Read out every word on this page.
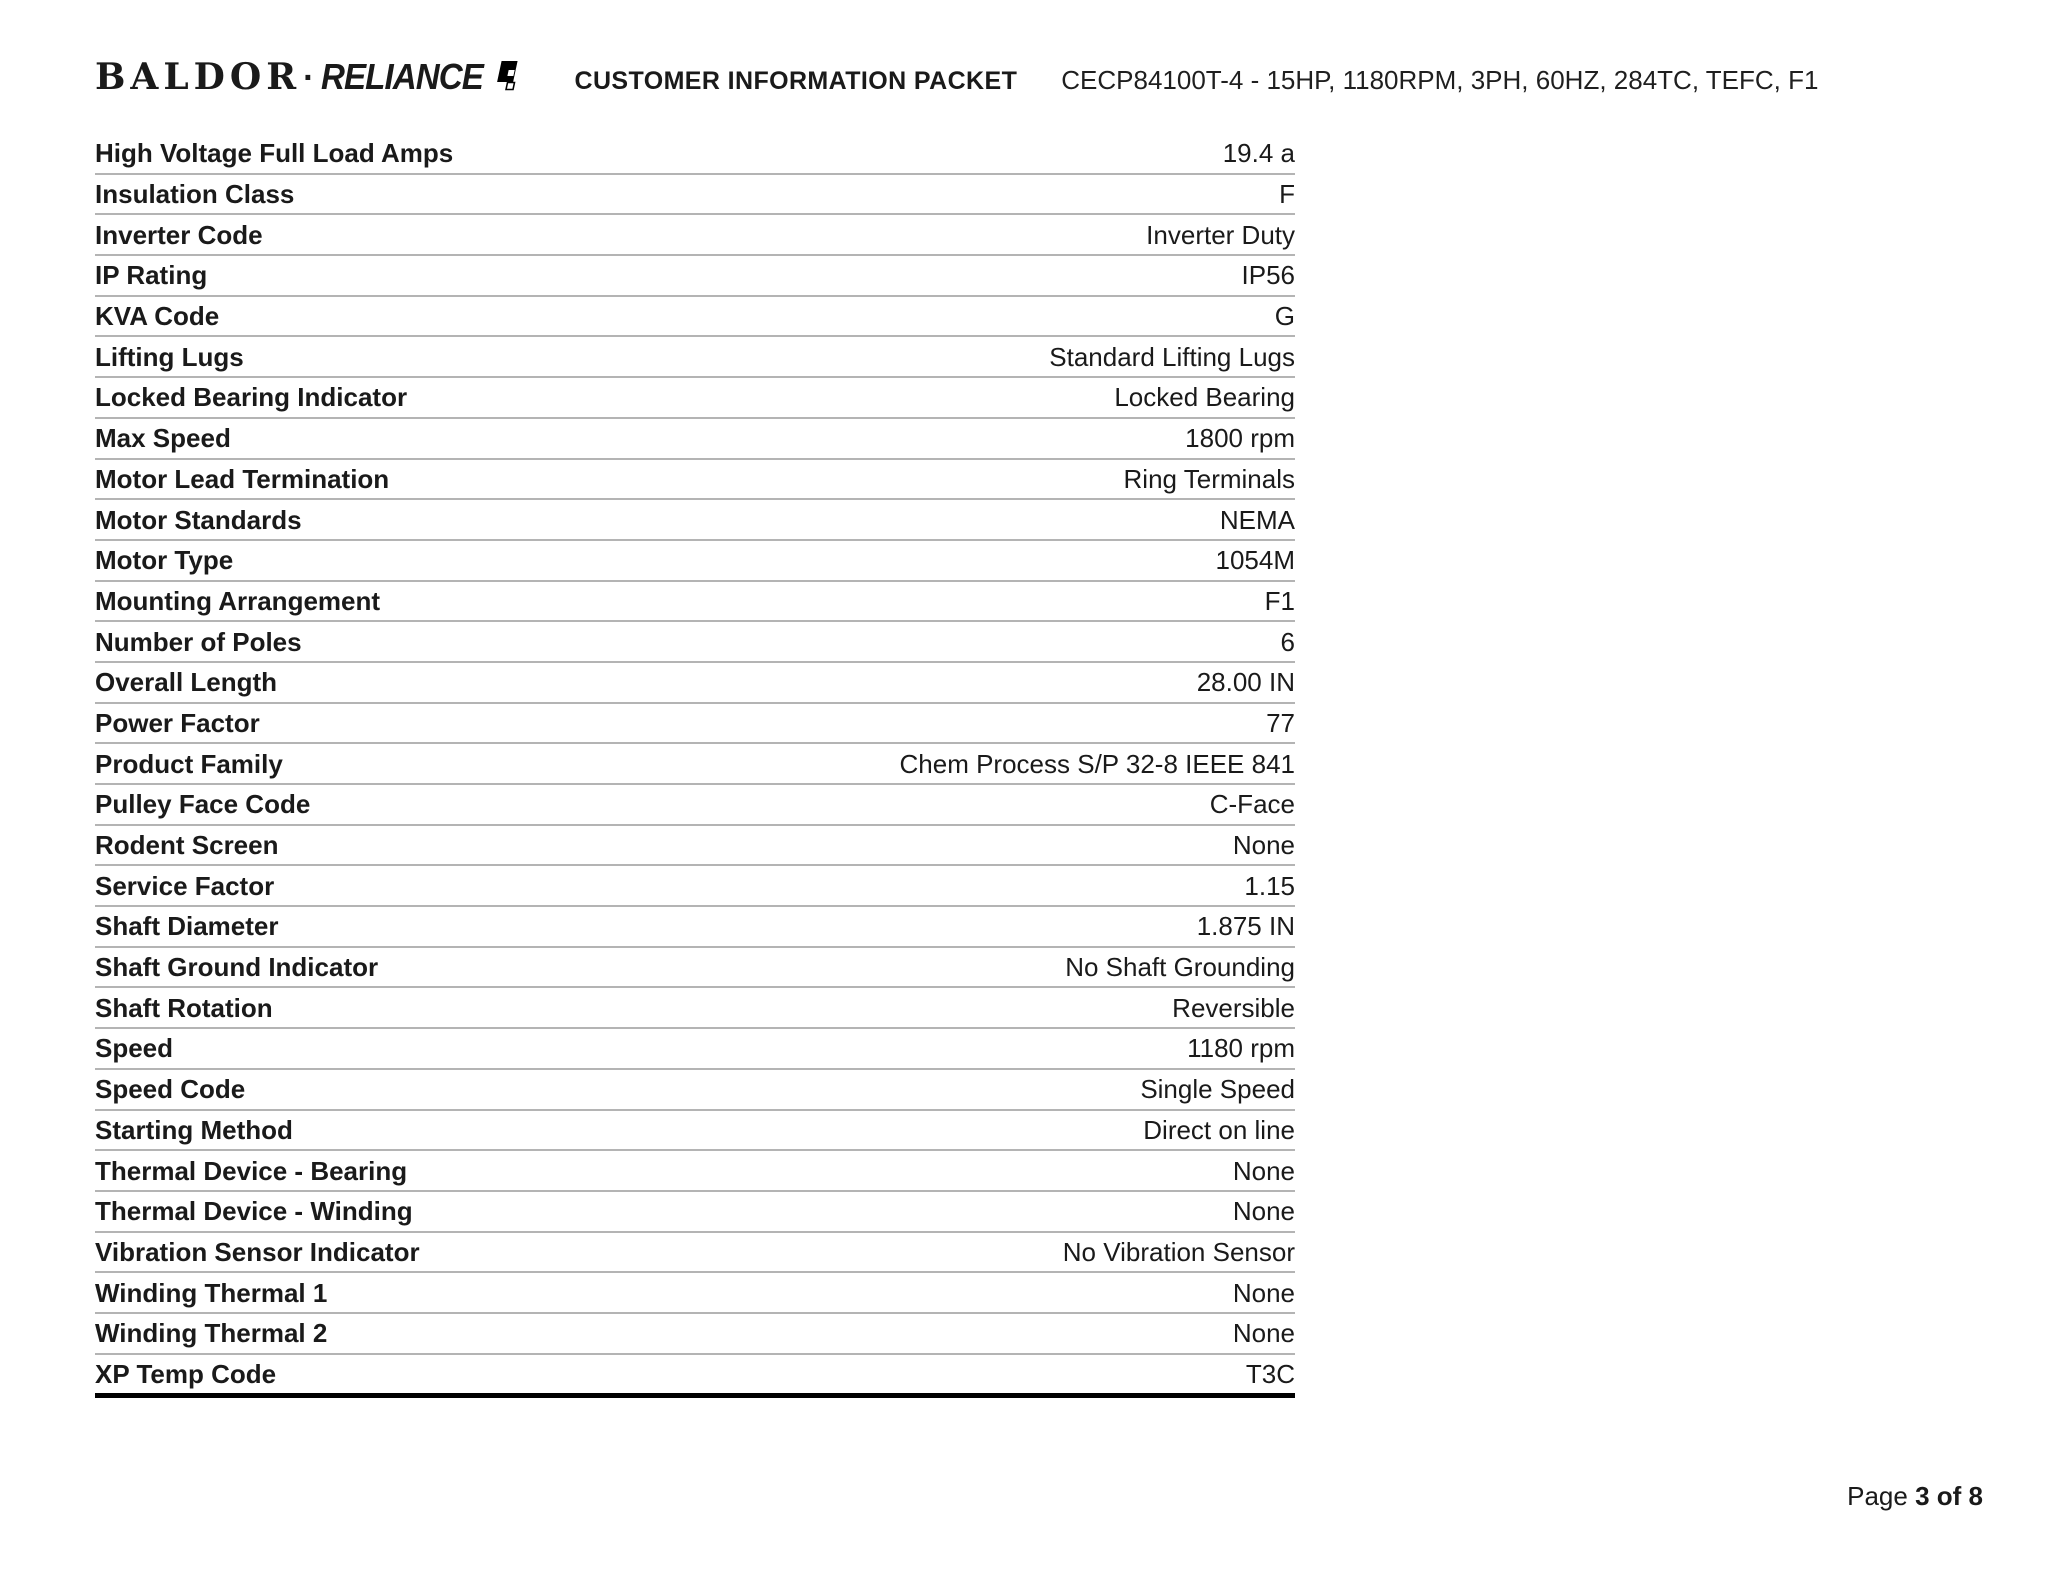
BALDOR · RELIANCE	CUSTOMER INFORMATION PACKET CECP84100T-4 - 15HP, 1180RPM, 3PH, 60HZ, 284TC, TEFC, F1
High Voltage Full Load Amps	19.4 a
Insulation Class	F
Inverter Code	Inverter Duty
IP Rating	IP56
KVA Code	G
Lifting Lugs	Standard Lifting Lugs
Locked Bearing Indicator	Locked Bearing
Max Speed	1800 rpm
Motor Lead Termination	Ring Terminals
Motor Standards	NEMA
Motor Type	1054M
Mounting Arrangement	F1
Number of Poles	6
Overall Length	28.00 IN
Power Factor	77
Product Family	Chem Process S/P 32-8 IEEE 841
Pulley Face Code	C-Face
Rodent Screen	None
Service Factor	1.15
Shaft Diameter	1.875 IN
Shaft Ground Indicator	No Shaft Grounding
Shaft Rotation	Reversible
Speed	1180 rpm
Speed Code	Single Speed
Starting Method	Direct on line
Thermal Device - Bearing	None
Thermal Device - Winding	None
Vibration Sensor Indicator	No Vibration Sensor
Winding Thermal 1	None
Winding Thermal 2	None
XP Temp Code	T3C
Page 3 of 8
